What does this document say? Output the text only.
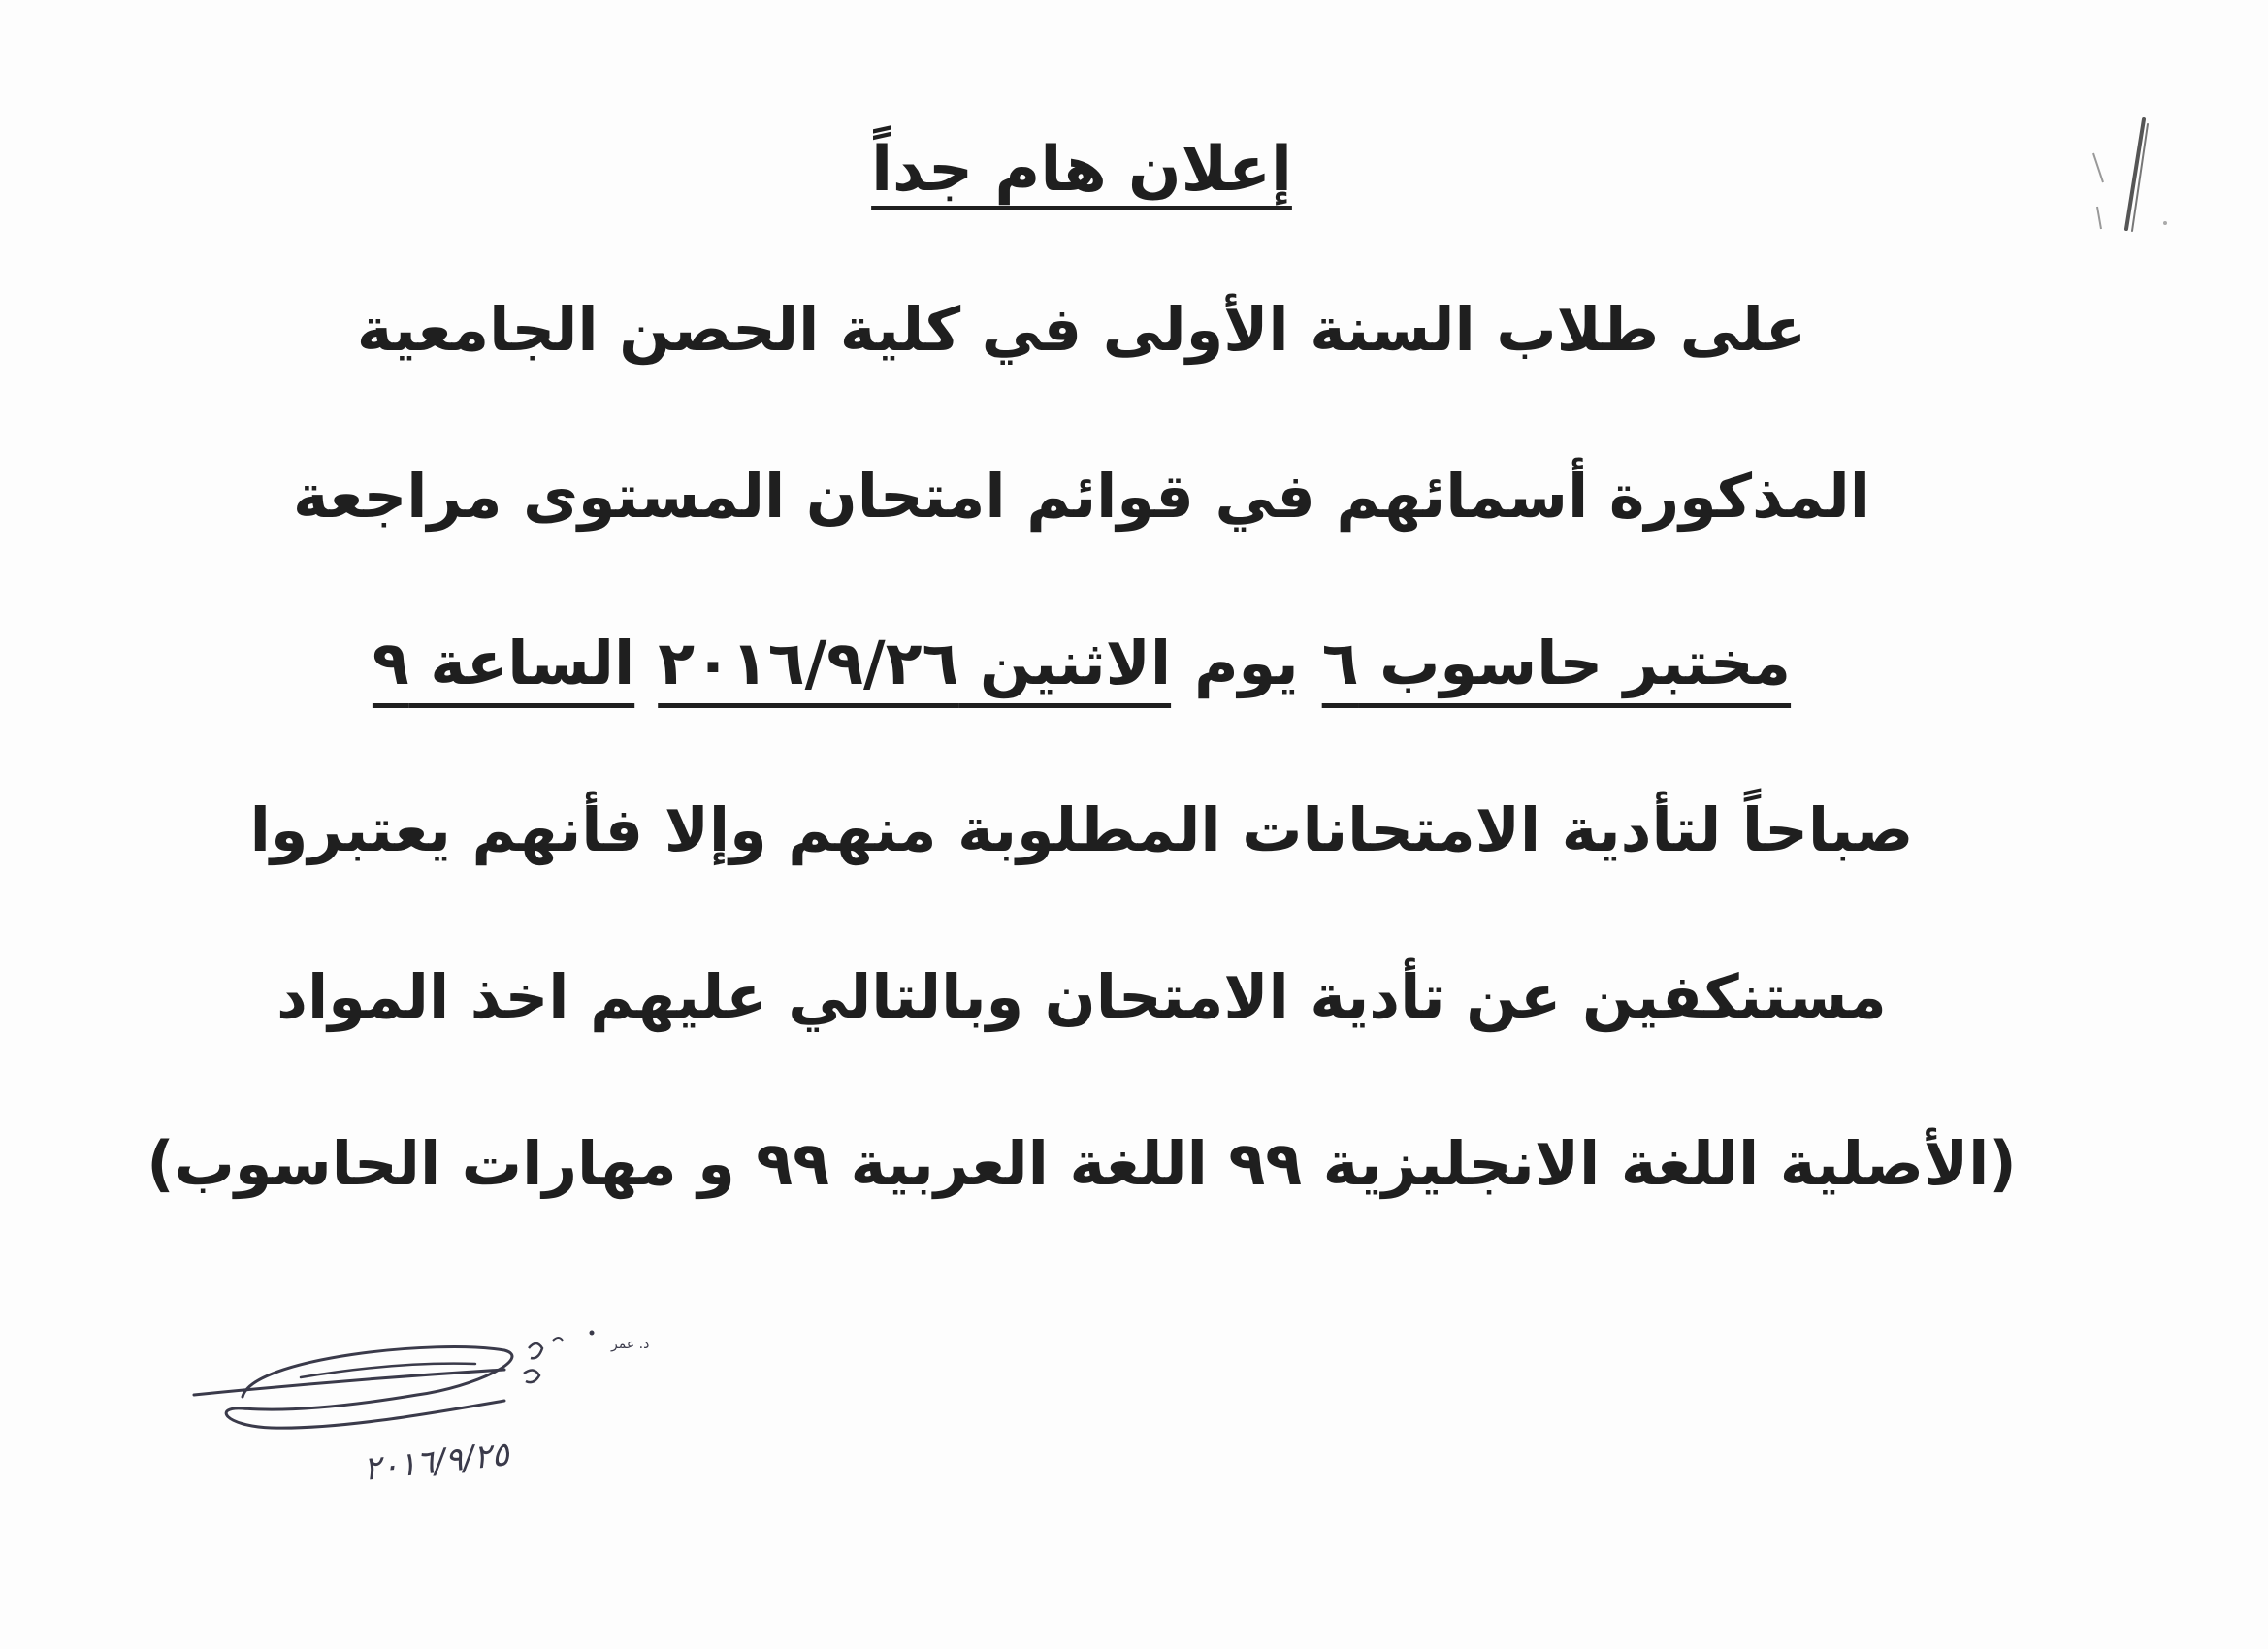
إعلان هام جداً

على طلاب السنة الأولى في كلية الحصن الجامعية

المذكورة أسمائهم في قوائم امتحان المستوى مراجعة

مختبر حاسوب ٦يومالاثنين ٢٠١٦/٩/٢٦الساعة ٩

صباحاً لتأدية الامتحانات المطلوبة منهم وإلا فأنهم يعتبروا

مستنكفين عن تأدية الامتحان وبالتالي عليهم اخذ المواد

(الأصلية اللغة الانجليزية ٩٩ اللغة العربية ٩٩ و مهارات الحاسوب)

د. عمر
٢٠١٦/٩/٢٥
